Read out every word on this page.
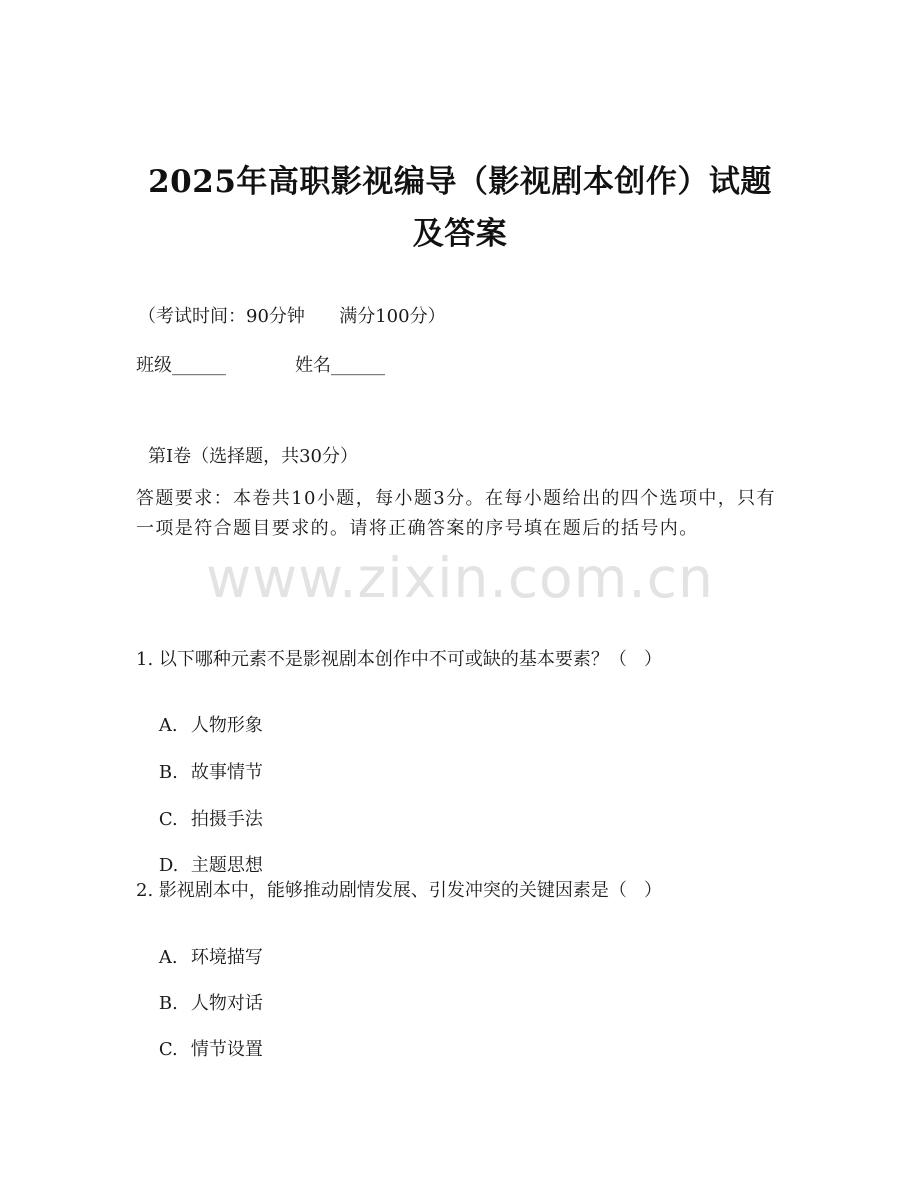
2025年高职影视编导（影视剧本创作）试题
及答案
（考试时间：90分钟      满分100分）
班级______	姓名______
第I卷（选择题，共30分）
答题要求：本卷共10小题，每小题3分。在每小题给出的四个选项中，只有一项是符合题目要求的。请将正确答案的序号填在题后的括号内。
www.zixin.com.cn
1. 以下哪种元素不是影视剧本创作中不可或缺的基本要素？（   ）

A. 人物形象

B. 故事情节

C. 拍摄手法

D. 主题思想

2. 影视剧本中，能够推动剧情发展、引发冲突的关键因素是（   ）

A. 环境描写

B. 人物对话

C. 情节设置
